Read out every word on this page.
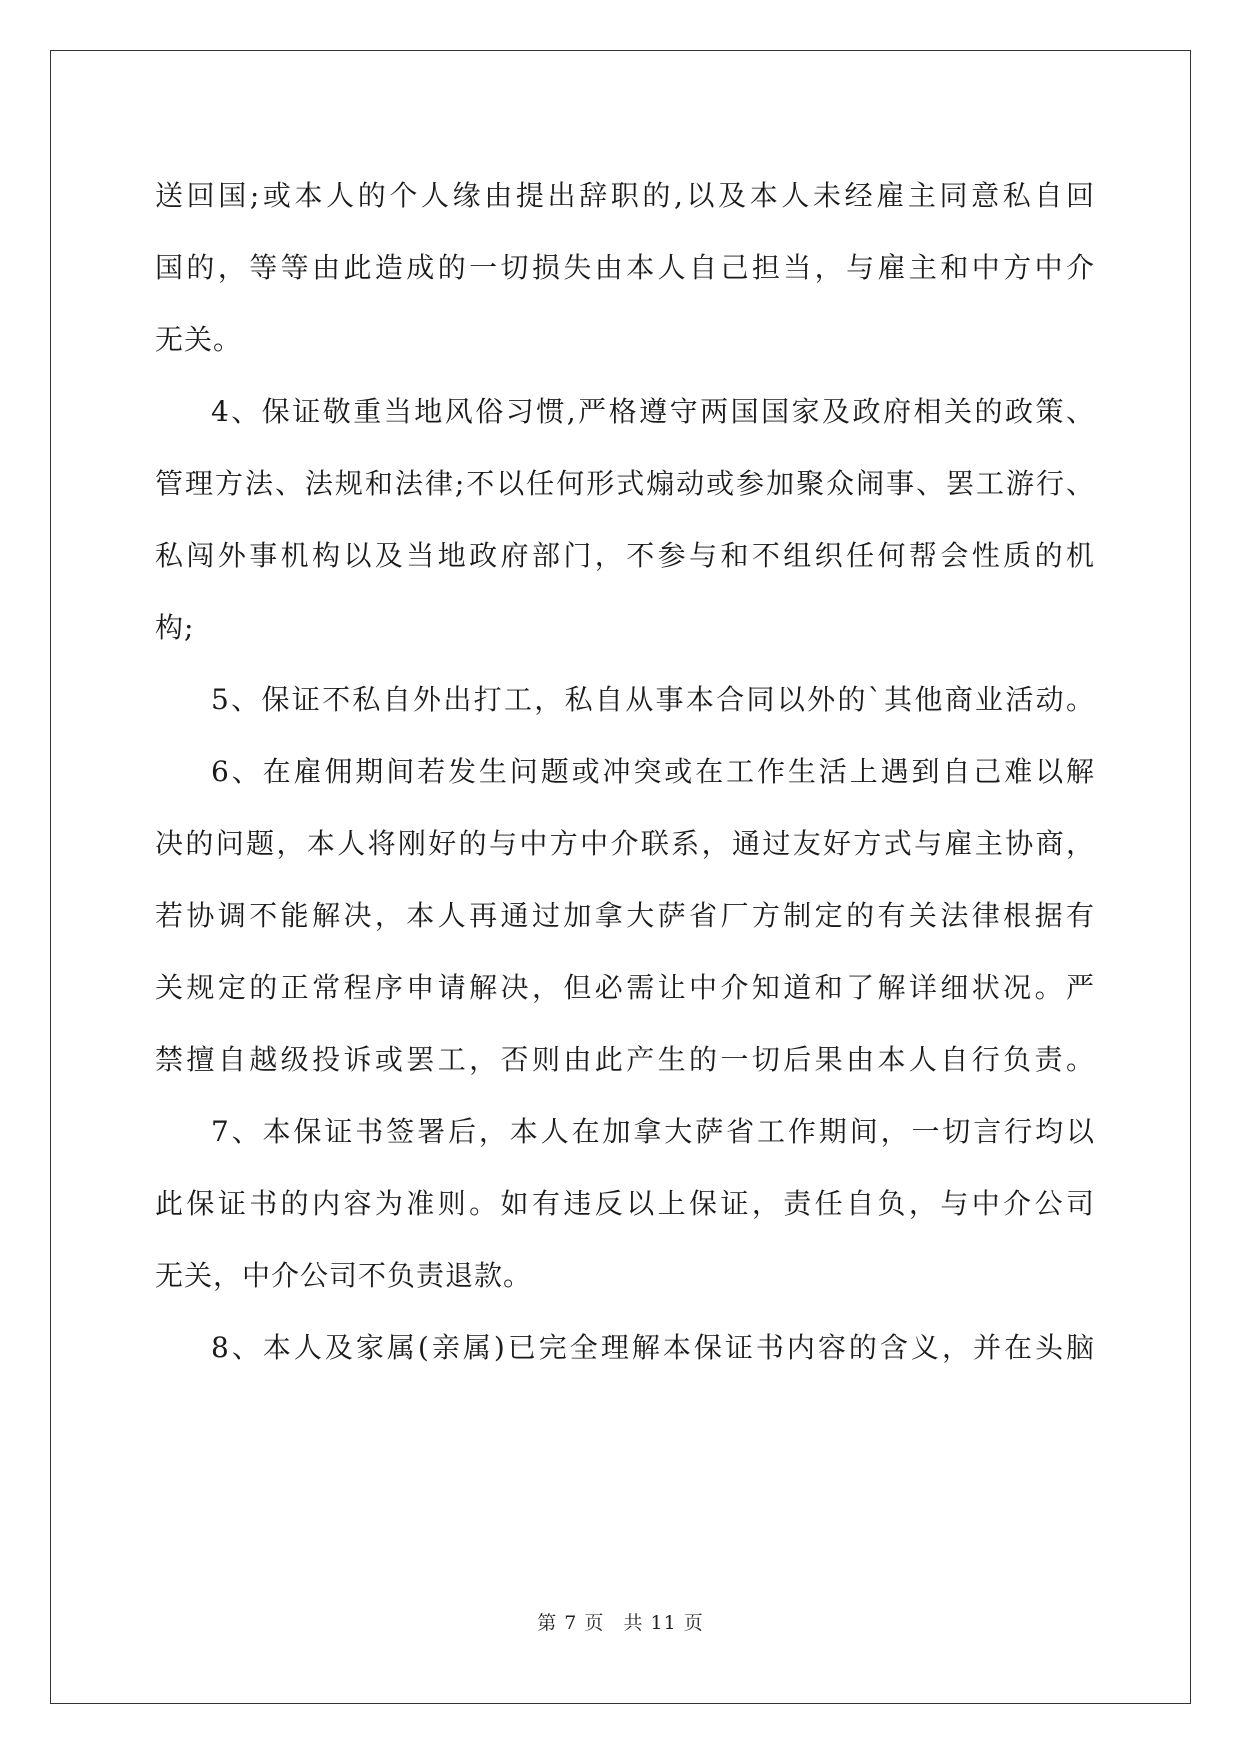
送回国;或本人的个人缘由提出辞职的,以及本人未经雇主同意私自回
国的，等等由此造成的一切损失由本人自己担当，与雇主和中方中介
无关。
4、保证敬重当地风俗习惯,严格遵守两国国家及政府相关的政策、
管理方法、法规和法律;不以任何形式煽动或参加聚众闹事、罢工游行、
私闯外事机构以及当地政府部门，不参与和不组织任何帮会性质的机
构;
5、保证不私自外出打工，私自从事本合同以外的`其他商业活动。
6、在雇佣期间若发生问题或冲突或在工作生活上遇到自己难以解
决的问题，本人将刚好的与中方中介联系，通过友好方式与雇主协商，
若协调不能解决，本人再通过加拿大萨省厂方制定的有关法律根据有
关规定的正常程序申请解决，但必需让中介知道和了解详细状况。严
禁擅自越级投诉或罢工，否则由此产生的一切后果由本人自行负责。
7、本保证书签署后，本人在加拿大萨省工作期间，一切言行均以
此保证书的内容为准则。如有违反以上保证，责任自负，与中介公司
无关，中介公司不负责退款。
8、本人及家属(亲属)已完全理解本保证书内容的含义，并在头脑
第 7 页 共 11 页
